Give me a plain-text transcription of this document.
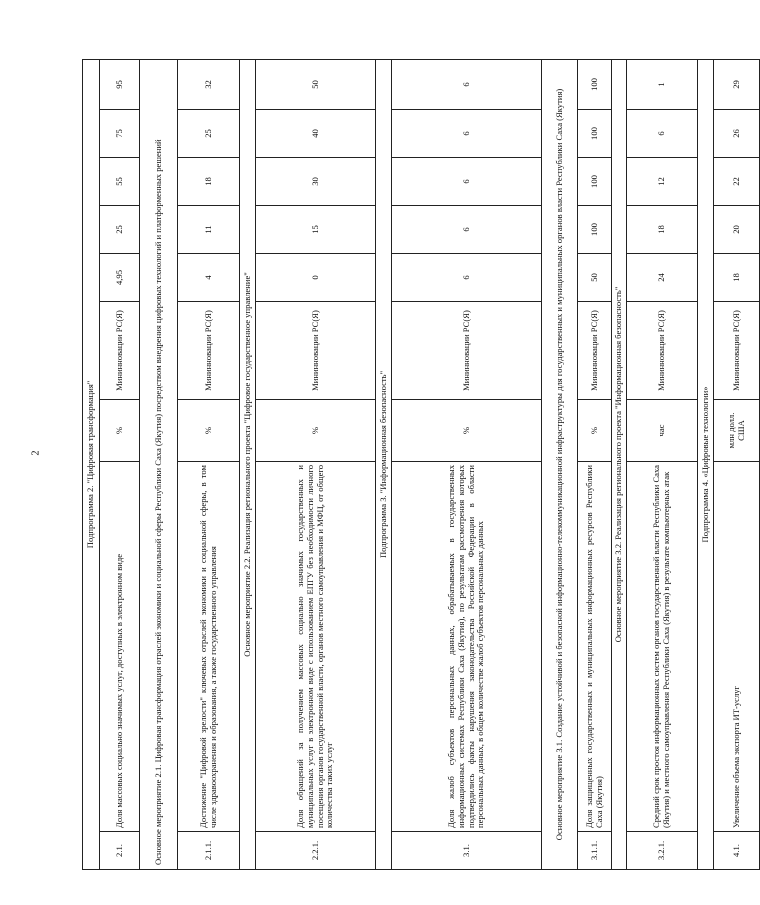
2	Подпрограмма 2. "Цифровая трансформация"								
2.1.	Доля массовых социально значимых услуг, доступных в электронном виде	%	Мининновации РС(Я)	4,95	25	55	75	95
Основное мероприятие 2.1. Цифровая трансформация отраслей экономики и социальной сферы Республики Саха (Якутия) посредством внедрения цифровых технологий и платформенных решений								
2.1.1.	Достижение "Цифровой зрелости" ключевых отраслей экономики и социальной сферы, в том числе здравоохранения и образования, а также государственного управления	%	Мининновации РС(Я)	4	11	18	25	32
Основное мероприятие 2.2. Реализация регионального проекта "Цифровое государственное управление"								
2.2.1.	Доля обращений за получением массовых социально значимых государственных и муниципальных услуг в электронном виде с использованием ЕПГУ без необходимости личного посещения органов государственной власти, органов местного самоуправления и МФЦ, от общего количества таких услуг	%	Мининновации РС(Я)	0	15	30	40	50
Подпрограмма 3. "Информационная безопасность"								
3.1.	Доля жалоб субъектов персональных данных, обрабатываемых в государственных информационных системах Республики Саха (Якутия), по результатам рассмотрения которых подтвердились факты нарушения законодательства Российской Федерации в области персональных данных, в общем количестве жалоб субъектов персональных данных	%	Мининновации РС(Я)	6	6	6	6	6
Основное мероприятие 3.1. Создание устойчивой и безопасной информационно-телекоммуникационной инфраструктуры для государственных и муниципальных органов власти Республики Саха (Якутия)								
3.1.1.	Доля защищенных государственных и муниципальных информационных ресурсов Республики Саха (Якутия)	%	Мининновации РС(Я)	50	100	100	100	100
Основное мероприятие 3.2. Реализация регионального проекта "Информационная безопасность"								
3.2.1.	Средний срок простоя информационных систем органов государственной власти Республики Саха (Якутия) и местного самоуправления Республики Саха (Якутия) в результате компьютерных атак	час	Мининновации РС(Я)	24	18	12	6	1
Подпрограмма 4. «Цифровые технологии»								
4.1.	Увеличение объема экспорта ИТ-услуг	млн долл. США	Мининновации РС(Я)	18	20	22	26	29
